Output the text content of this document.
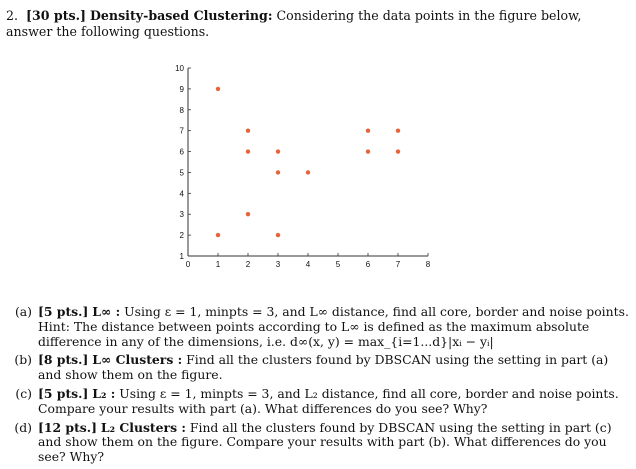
2. [30 pts.] Density-based Clustering: Considering the data points in the figure below, answer the following questions.
0	1	2	3	4	5	6	7	8
1
2
3
4
5
6
7
8
9
10
(a) [5 pts.] L∞ : Using ε = 1, minpts = 3, and L∞ distance, find all core, border and noise points. Hint: The distance between points according to L∞ is defined as the maximum absolute difference in any of the dimensions, i.e. d∞(x, y) = max_{i=1...d}|xᵢ − yᵢ|
(b) [8 pts.] L∞ Clusters : Find all the clusters found by DBSCAN using the setting in part (a) and show them on the figure.
(c) [5 pts.] L₂ : Using ε = 1, minpts = 3, and L₂ distance, find all core, border and noise points. Compare your results with part (a). What differences do you see? Why?
(d) [12 pts.] L₂ Clusters : Find all the clusters found by DBSCAN using the setting in part (c) and show them on the figure. Compare your results with part (b). What differences do you see? Why?
